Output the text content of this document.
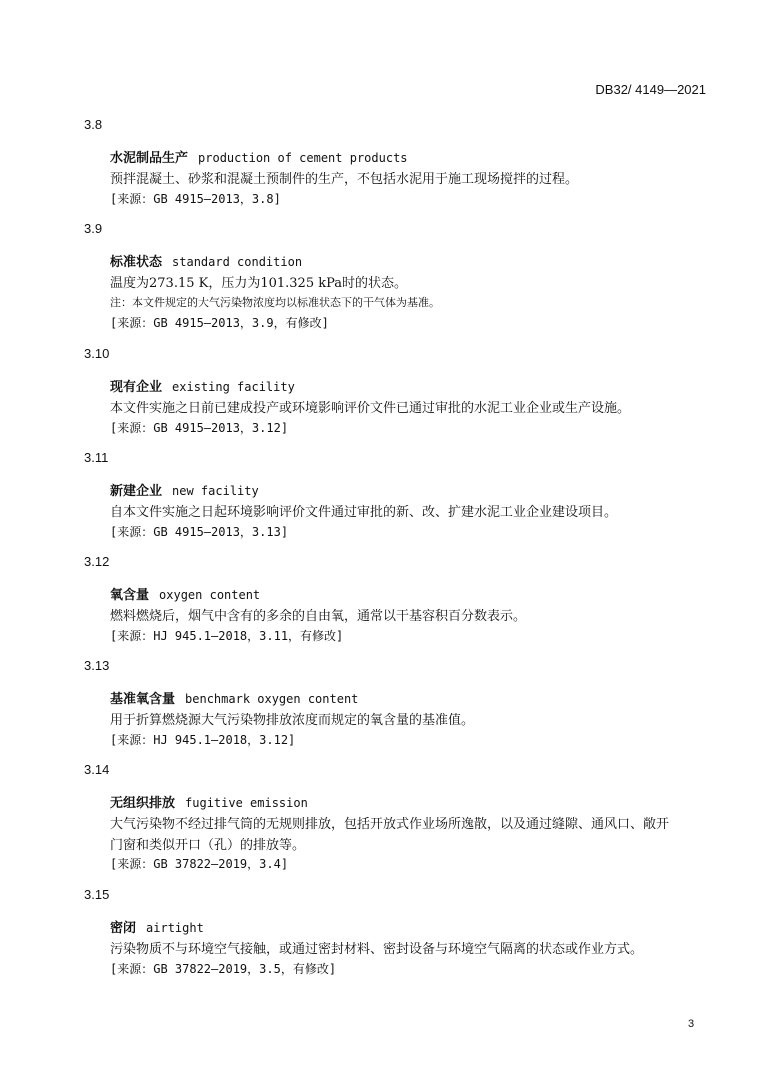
DB32/ 4149—2021
3.8
水泥制品生产 production of cement products
预拌混凝土、砂浆和混凝土预制件的生产，不包括水泥用于施工现场搅拌的过程。
[来源：GB 4915—2013，3.8]
3.9
标准状态 standard condition
温度为273.15 K，压力为101.325 kPa时的状态。
注：本文件规定的大气污染物浓度均以标准状态下的干气体为基准。
[来源：GB 4915—2013，3.9，有修改]
3.10
现有企业 existing facility
本文件实施之日前已建成投产或环境影响评价文件已通过审批的水泥工业企业或生产设施。
[来源：GB 4915—2013，3.12]
3.11
新建企业 new facility
自本文件实施之日起环境影响评价文件通过审批的新、改、扩建水泥工业企业建设项目。
[来源：GB 4915—2013，3.13]
3.12
氧含量 oxygen content
燃料燃烧后，烟气中含有的多余的自由氧，通常以干基容积百分数表示。
[来源：HJ 945.1—2018，3.11，有修改]
3.13
基准氧含量 benchmark oxygen content
用于折算燃烧源大气污染物排放浓度而规定的氧含量的基准值。
[来源：HJ 945.1—2018，3.12]
3.14
无组织排放 fugitive emission
大气污染物不经过排气筒的无规则排放，包括开放式作业场所逸散，以及通过缝隙、通风口、敞开
门窗和类似开口（孔）的排放等。
[来源：GB 37822—2019，3.4]
3.15
密闭 airtight
污染物质不与环境空气接触，或通过密封材料、密封设备与环境空气隔离的状态或作业方式。
[来源：GB 37822—2019，3.5，有修改]
3
